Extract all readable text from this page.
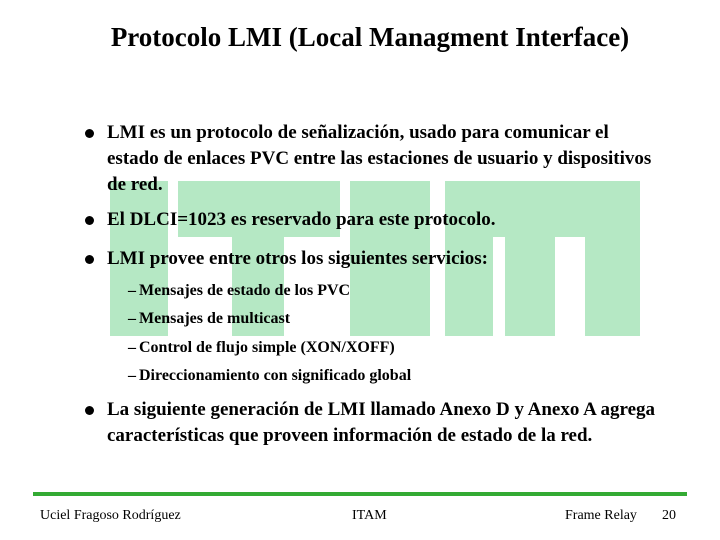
Protocolo LMI (Local Managment Interface)
LMI es un protocolo de señalización, usado para comunicar el estado de enlaces PVC entre las estaciones de usuario y dispositivos de red.
El DLCI=1023 es reservado para este protocolo.
LMI provee entre otros los siguientes servicios:
– Mensajes de estado de los PVC
– Mensajes de multicast
– Control de flujo simple (XON/XOFF)
– Direccionamiento con significado global
La siguiente generación de LMI llamado Anexo D y Anexo A agrega características que proveen información de estado de la red.
Uciel Fragoso Rodríguez	ITAM	Frame Relay 20
